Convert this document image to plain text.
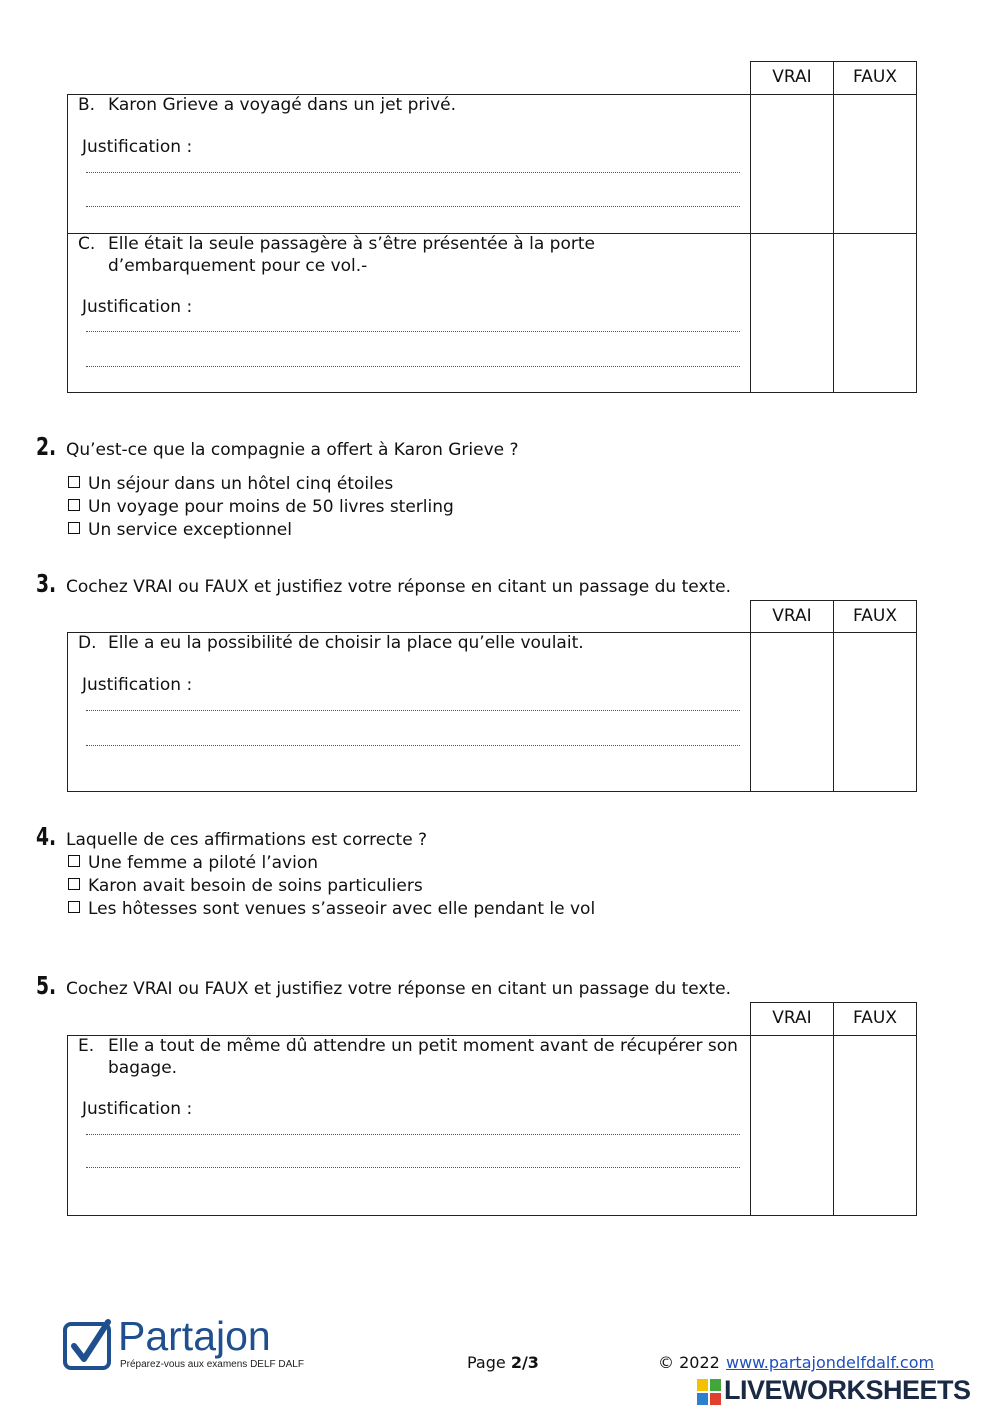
VRAI	FAUX
B. Karon Grieve a voyagé dans un jet privé.
Justification :
C. Elle était la seule passagère à s’être présentée à la porte d’embarquement pour ce vol.-
Justification :
2. Qu’est-ce que la compagnie a offert à Karon Grieve ?
Un séjour dans un hôtel cinq étoiles
Un voyage pour moins de 50 livres sterling
Un service exceptionnel
3. Cochez VRAI ou FAUX et justifiez votre réponse en citant un passage du texte.
VRAI	FAUX
D. Elle a eu la possibilité de choisir la place qu’elle voulait.
Justification :
4. Laquelle de ces affirmations est correcte ?
Une femme a piloté l’avion
Karon avait besoin de soins particuliers
Les hôtesses sont venues s’asseoir avec elle pendant le vol
5. Cochez VRAI ou FAUX et justifiez votre réponse en citant un passage du texte.
VRAI	FAUX
E. Elle a tout de même dû attendre un petit moment avant de récupérer son bagage.
Justification :
Partajon
Préparez-vous aux examens DELF DALF	Page 2/3	© 2022 www.partajondelfdalf.com
LIVEWORKSHEETS
